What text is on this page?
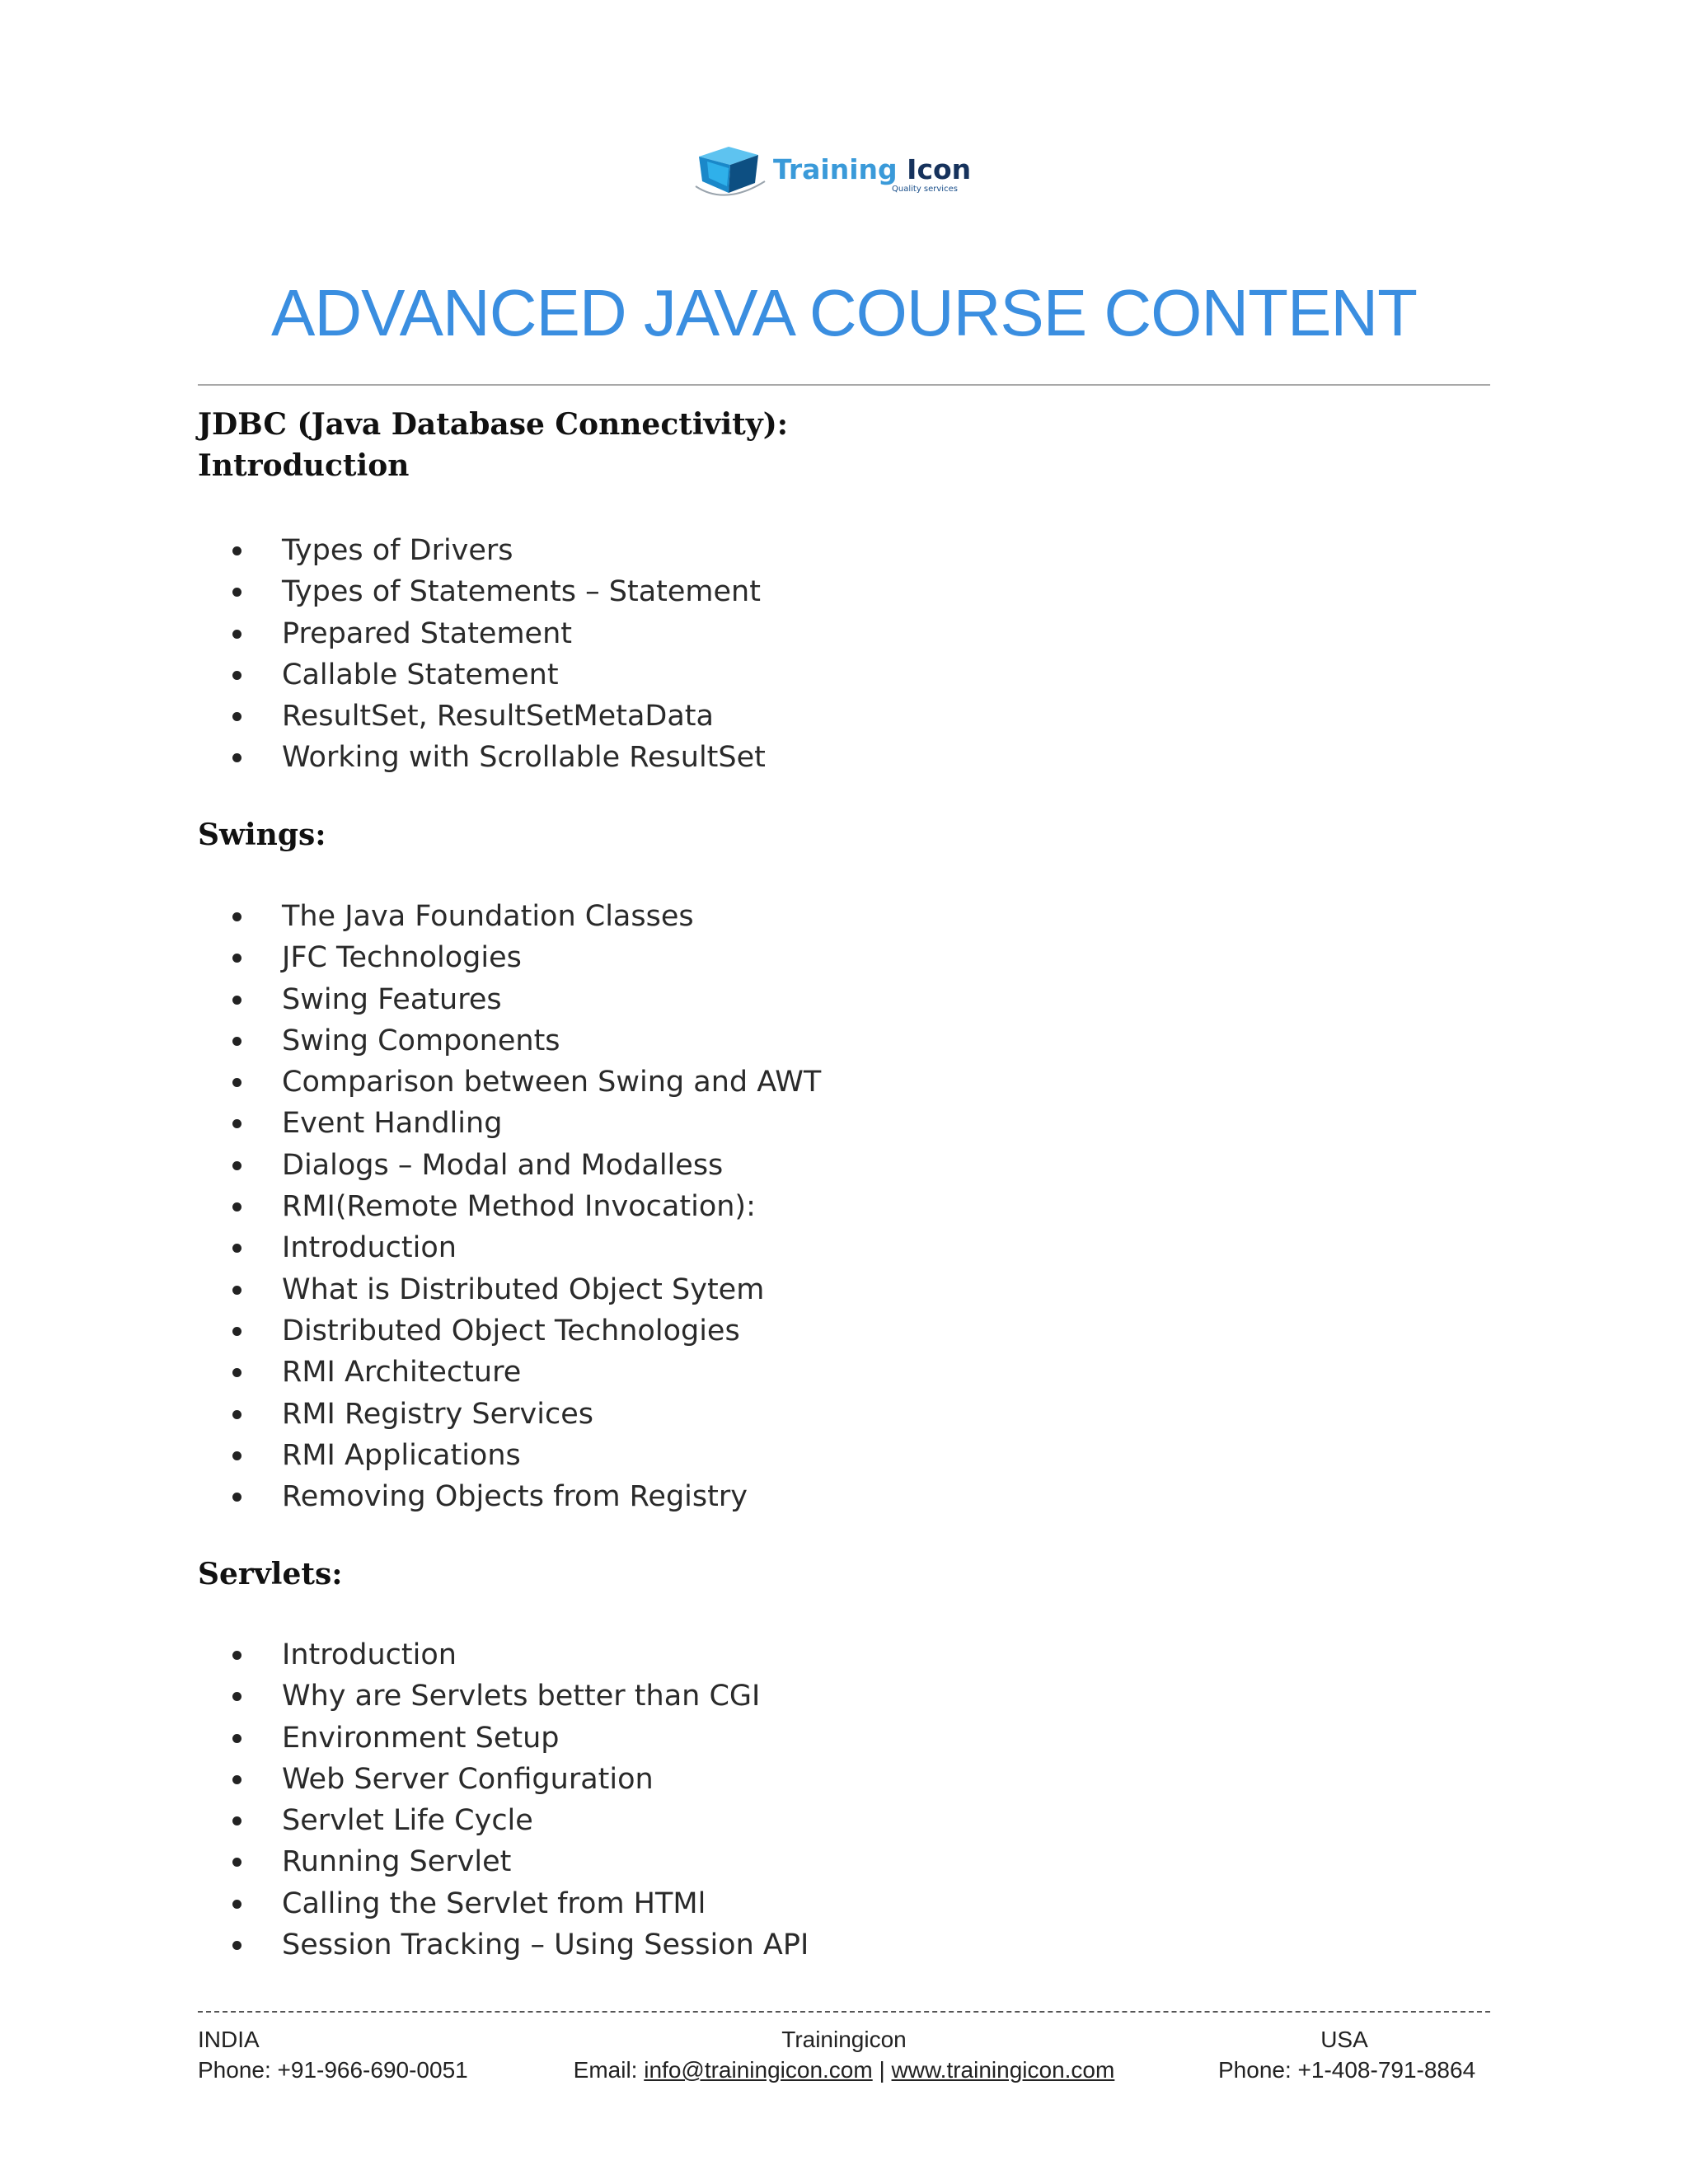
Training Icon
Quality services
ADVANCED JAVA COURSE CONTENT
JDBC (Java Database Connectivity):
Introduction
Types of Drivers
Types of Statements – Statement
Prepared Statement
Callable Statement
ResultSet, ResultSetMetaData
Working with Scrollable ResultSet
Swings:
The Java Foundation Classes
JFC Technologies
Swing Features
Swing Components
Comparison between Swing and AWT
Event Handling
Dialogs – Modal and Modalless
RMI(Remote Method Invocation):
Introduction
What is Distributed Object Sytem
Distributed Object Technologies
RMI Architecture
RMI Registry Services
RMI Applications
Removing Objects from Registry
Servlets:
Introduction
Why are Servlets better than CGI
Environment Setup
Web Server Configuration
Servlet Life Cycle
Running Servlet
Calling the Servlet from HTMl
Session Tracking – Using Session API
INDIA
Phone: +91-966-690-0051
Trainingicon
Email: info@trainingicon.com | www.trainingicon.com
USA
Phone: +1-408-791-8864
